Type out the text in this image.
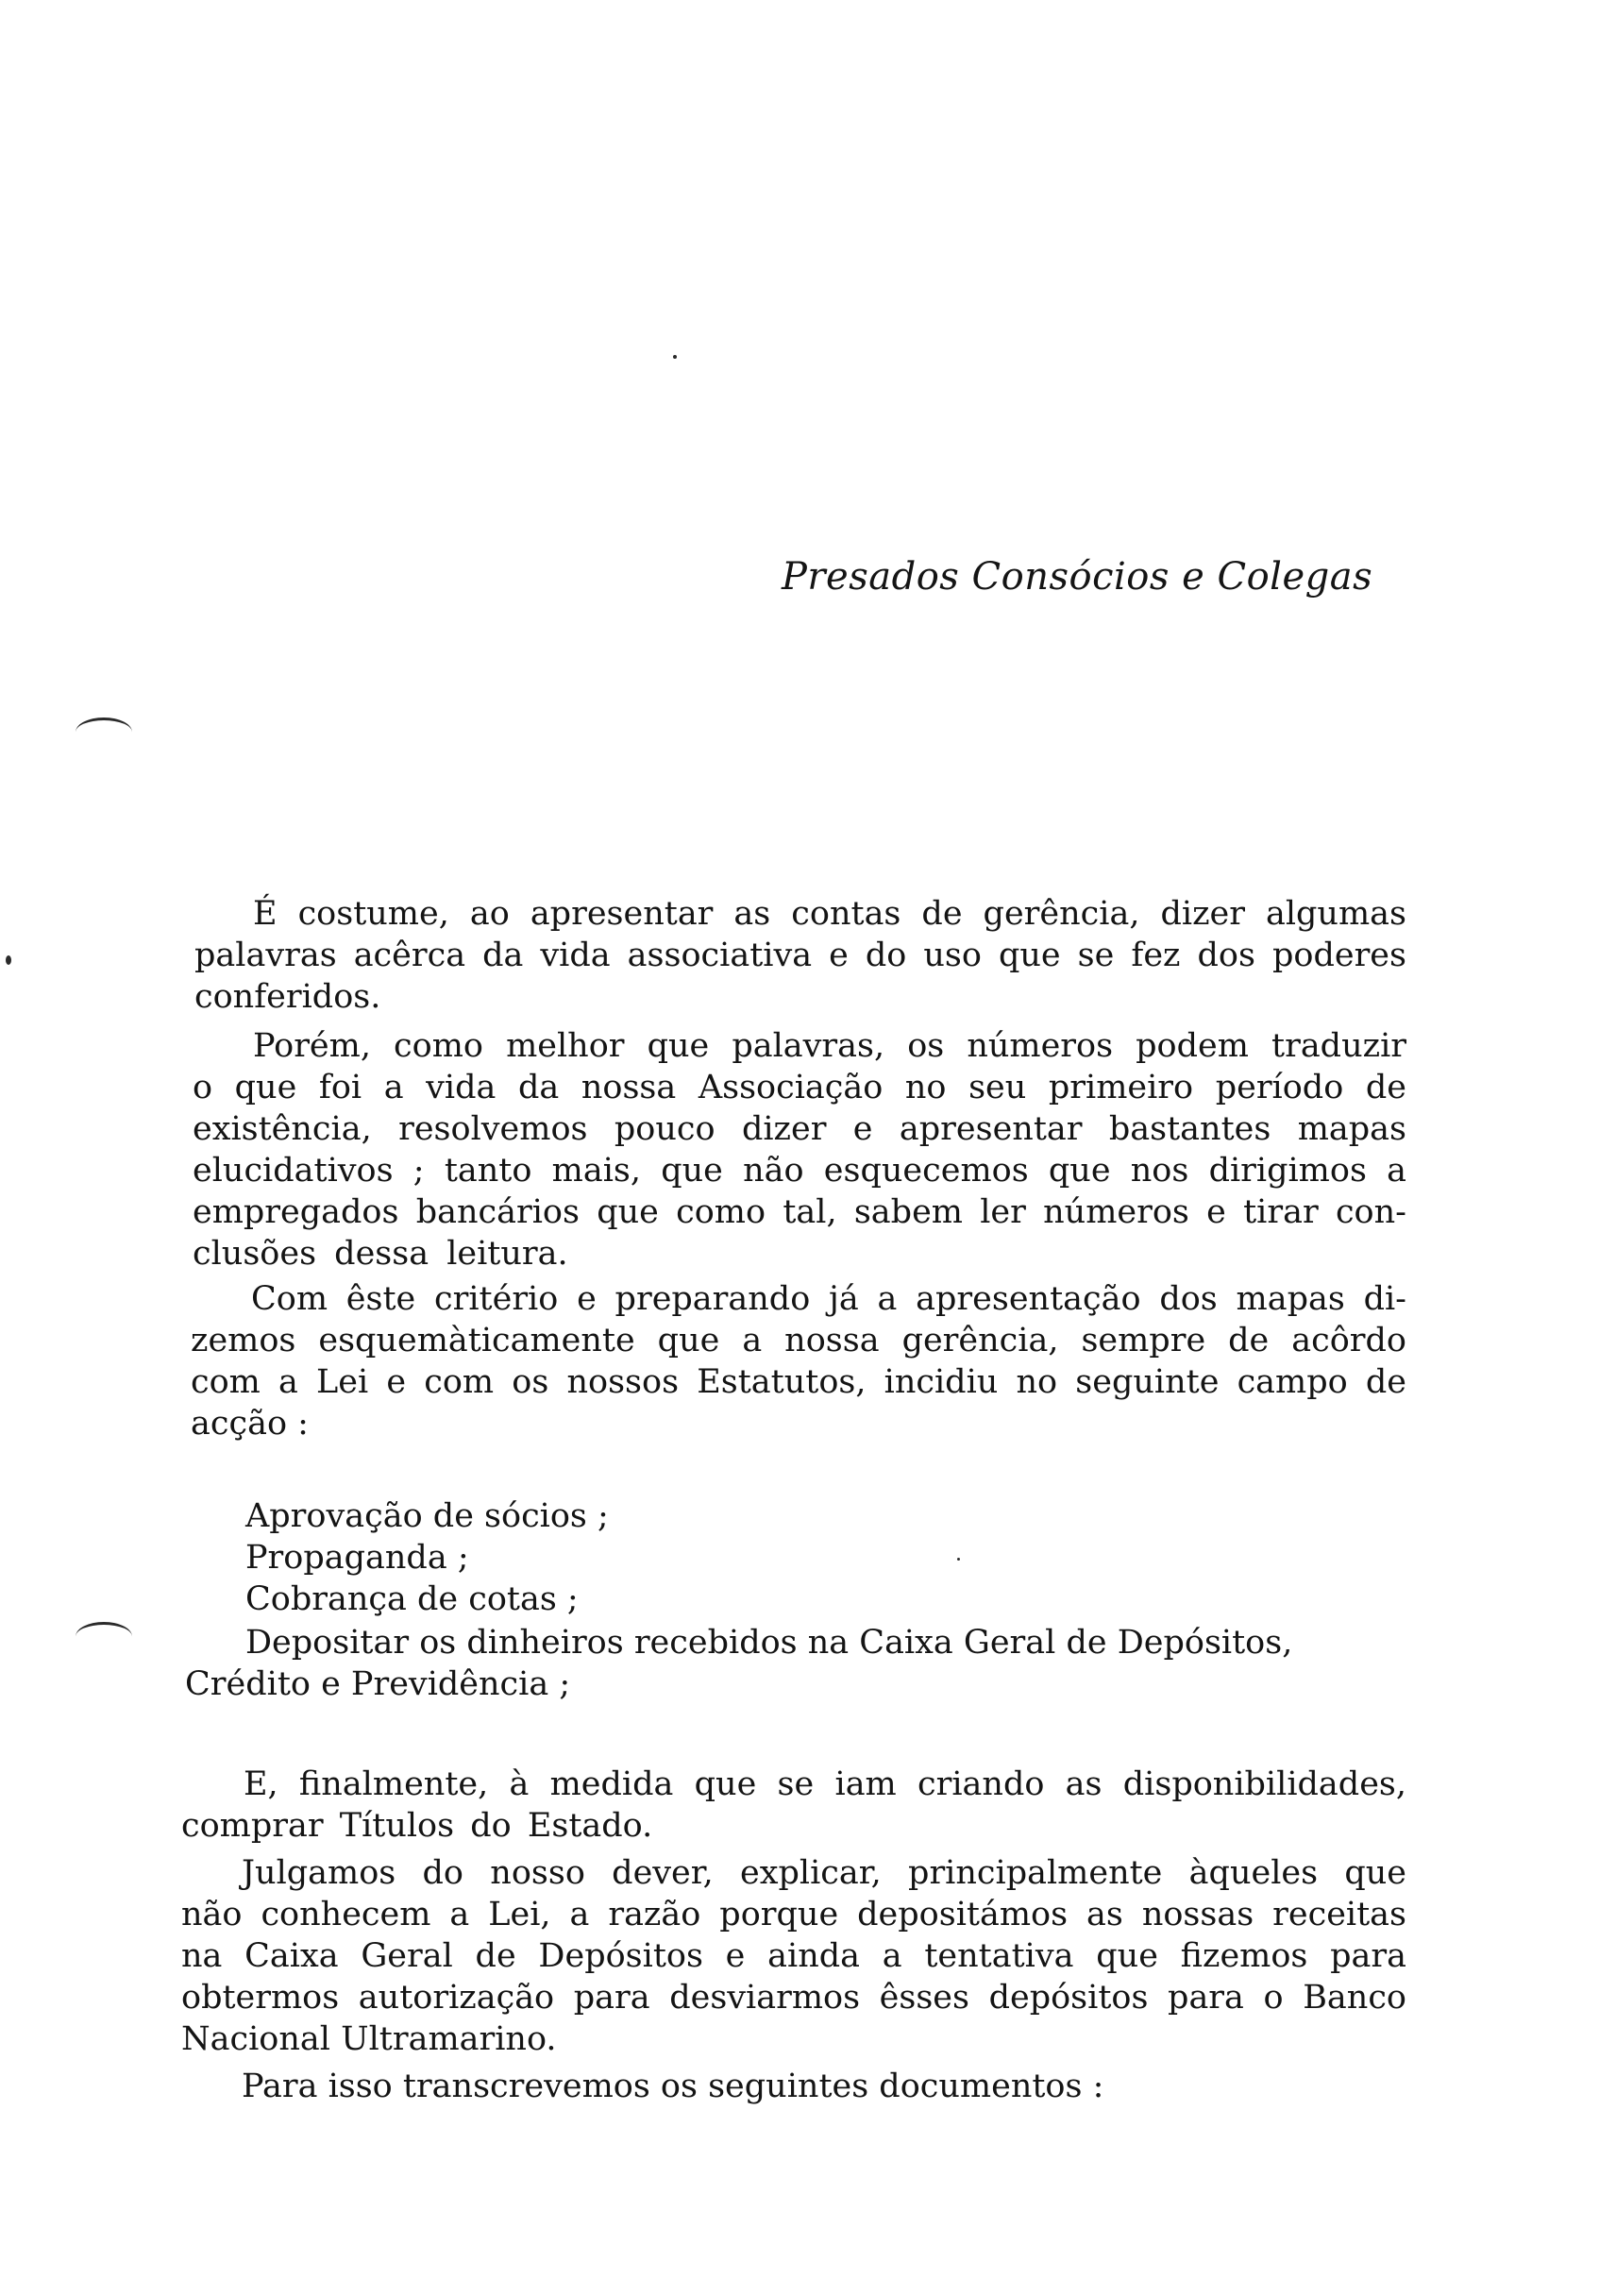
Presados Consócios e Colegas
É costume, ao apresentar as contas de gerência, dizer algumas
palavras acêrca da vida associativa e do uso que se fez dos poderes
conferidos.
Porém, como melhor que palavras, os números podem traduzir
o que foi a vida da nossa Associação no seu primeiro período de
existência, resolvemos pouco dizer e apresentar bastantes mapas
elucidativos ; tanto mais, que não esquecemos que nos dirigimos a
empregados bancários que como tal, sabem ler números e tirar con-
clusões dessa leitura.
Com êste critério e preparando já a apresentação dos mapas di-
zemos esquemàticamente que a nossa gerência, sempre de acôrdo
com a Lei e com os nossos Estatutos, incidiu no seguinte campo de
acção :
Aprovação de sócios ;
Propaganda ;
Cobrança de cotas ;
Depositar os dinheiros recebidos na Caixa Geral de Depósitos,
Crédito e Previdência ;
E, finalmente, à medida que se iam criando as disponibilidades,
comprar Títulos do Estado.
Julgamos do nosso dever, explicar, principalmente àqueles que
não conhecem a Lei, a razão porque depositámos as nossas receitas
na Caixa Geral de Depósitos e ainda a tentativa que fizemos para
obtermos autorização para desviarmos êsses depósitos para o Banco
Nacional Ultramarino.
Para isso transcrevemos os seguintes documentos :
